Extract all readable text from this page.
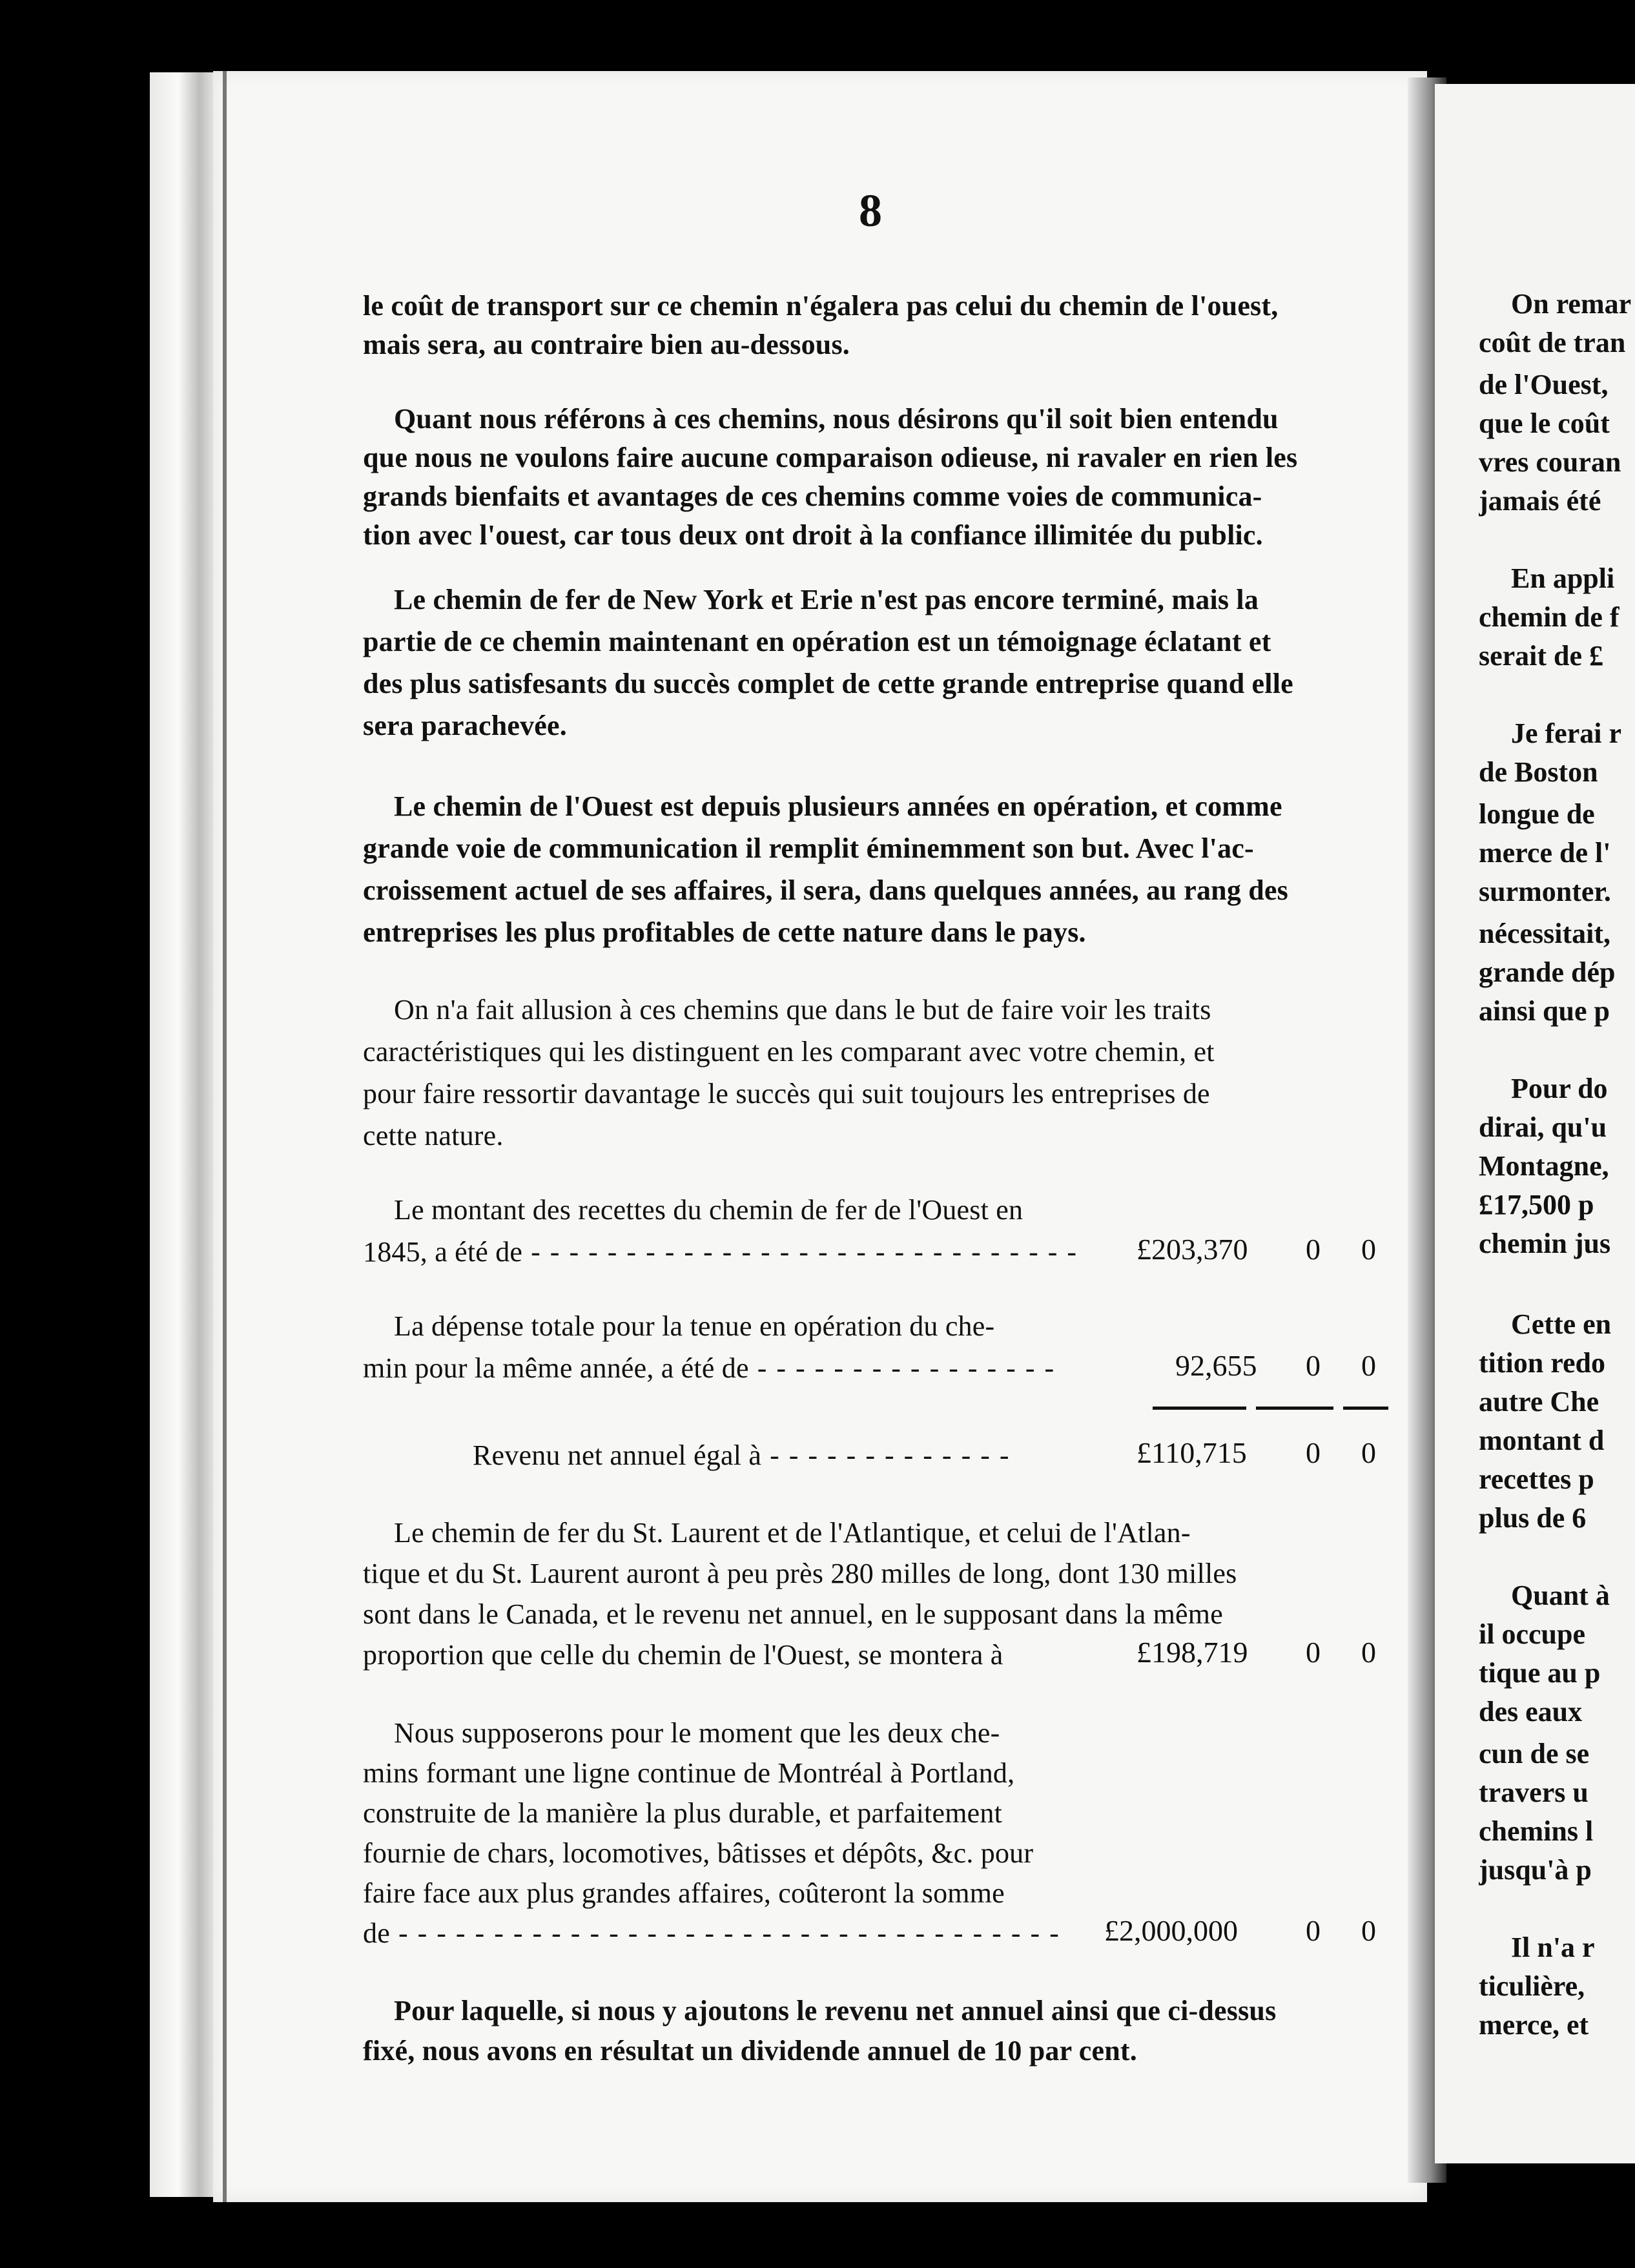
8
le coût de transport sur ce chemin n'égalera pas celui du chemin de l'ouest,
mais sera, au contraire bien au-dessous.
Quant nous référons à ces chemins, nous désirons qu'il soit bien entendu
que nous ne voulons faire aucune comparaison odieuse, ni ravaler en rien les
grands bienfaits et avantages de ces chemins comme voies de communica-
tion avec l'ouest, car tous deux ont droit à la confiance illimitée du public.
Le chemin de fer de New York et Erie n'est pas encore terminé, mais la
partie de ce chemin maintenant en opération est un témoignage éclatant et
des plus satisfesants du succès complet de cette grande entreprise quand elle
sera parachevée.
Le chemin de l'Ouest est depuis plusieurs années en opération, et comme
grande voie de communication il remplit éminemment son but. Avec l'ac-
croissement actuel de ses affaires, il sera, dans quelques années, au rang des
entreprises les plus profitables de cette nature dans le pays.
On n'a fait allusion à ces chemins que dans le but de faire voir les traits
caractéristiques qui les distinguent en les comparant avec votre chemin, et
pour faire ressortir davantage le succès qui suit toujours les entreprises de
cette nature.
Le montant des recettes du chemin de fer de l'Ouest en
1845, a été de - - - - - - - - - - - - - - - - - - - - - - - - - - - - - £203,370 0 0
La dépense totale pour la tenue en opération du che-
min pour la même année, a été de - - - - - - - - - - - - - - - -	92,655 0 0
Revenu net annuel égal à - - - - - - - - - - - - -	£110,715 0 0
Le chemin de fer du St. Laurent et de l'Atlantique, et celui de l'Atlan-
tique et du St. Laurent auront à peu près 280 milles de long, dont 130 milles
sont dans le Canada, et le revenu net annuel, en le supposant dans la même
proportion que celle du chemin de l'Ouest, se montera à	£198,719 0 0
Nous supposerons pour le moment que les deux che-
mins formant une ligne continue de Montréal à Portland,
construite de la manière la plus durable, et parfaitement
fournie de chars, locomotives, bâtisses et dépôts, &c. pour
faire face aux plus grandes affaires, coûteront la somme
de - - - - - - - - - - - - - - - - - - - - - - - - - - - - - - - - - - - £2,000,000 0 0
Pour laquelle, si nous y ajoutons le revenu net annuel ainsi que ci-dessus
fixé, nous avons en résultat un dividende annuel de 10 par cent.
On remar
coût de tran
de l'Ouest,
que le coût
vres couran
jamais été
En appli
chemin de f
serait de £
Je ferai r
de Boston
longue de
merce de l'
surmonter.
nécessitait,
grande dép
ainsi que p
Pour do
dirai, qu'u
Montagne,
£17,500 p
chemin jus
Cette en
tition redo
autre Che
montant d
recettes p
plus de 6
Quant à
il occupe
tique au p
des eaux
cun de se
travers u
chemins l
jusqu'à p
Il n'a r
ticulière,
merce, et
